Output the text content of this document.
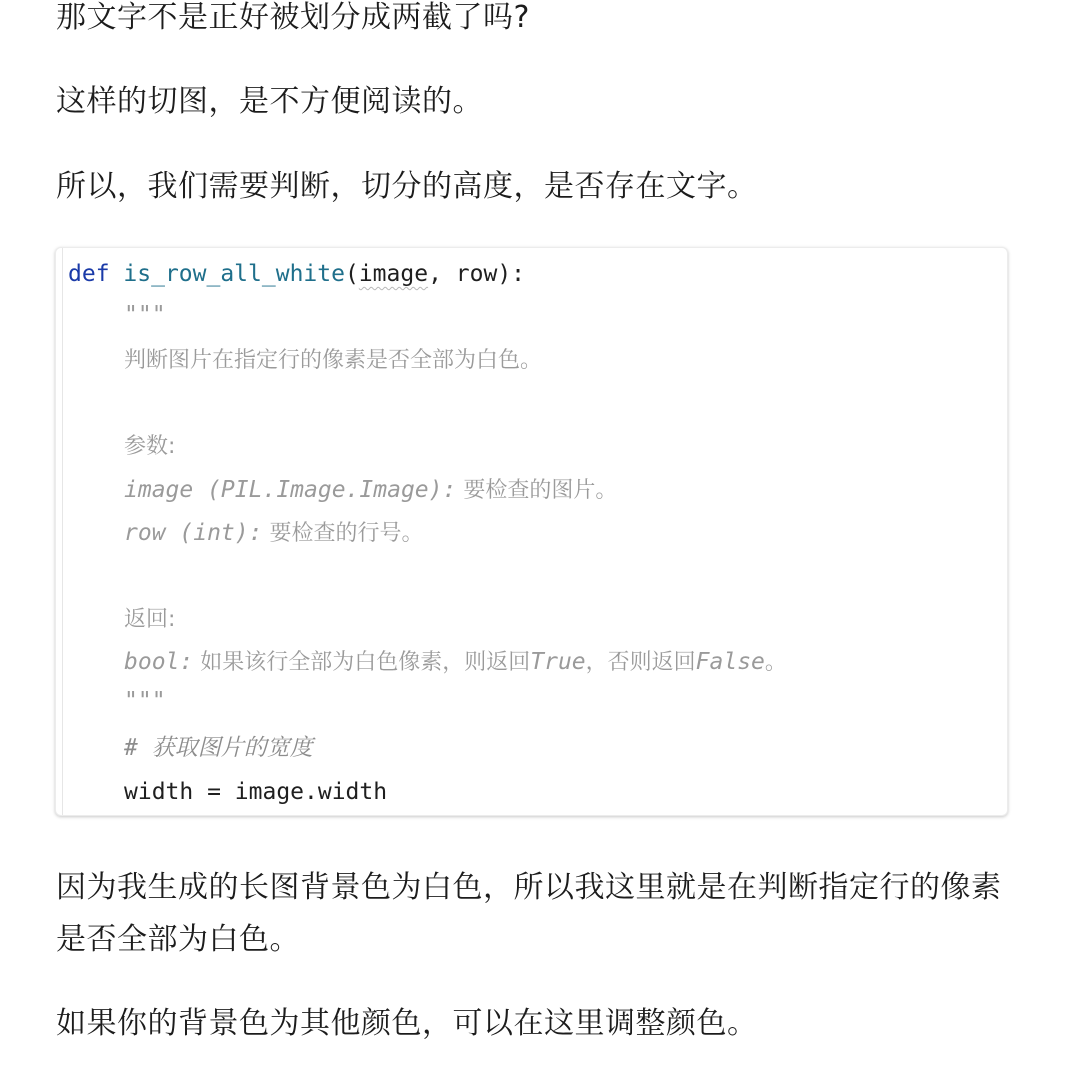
那文字不是正好被划分成两截了吗?

这样的切图，是不方便阅读的。

所以，我们需要判断，切分的高度，是否存在文字。

def is_row_all_white(image, row):
"""
判断图片在指定行的像素是否全部为白色。
参数:
image (PIL.Image.Image): 要检查的图片。
row (int): 要检查的行号。
返回:
bool: 如果该行全部为白色像素，则返回True，否则返回False。
"""
# 获取图片的宽度
width = image.width

因为我生成的长图背景色为白色，所以我这里就是在判断指定行的像素是否全部为白色。

如果你的背景色为其他颜色，可以在这里调整颜色。
